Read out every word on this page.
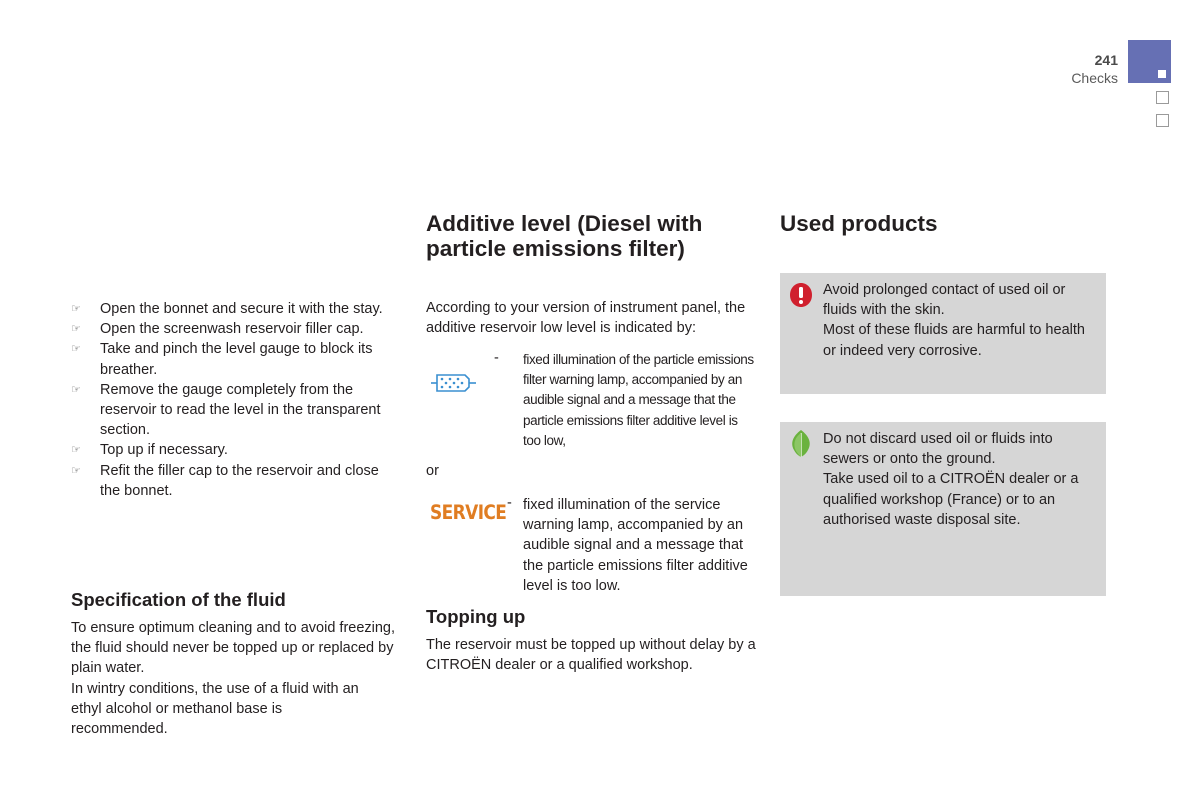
241
Checks
☞ Open the bonnet and secure it with the stay.
☞ Open the screenwash reservoir filler cap.
☞ Take and pinch the level gauge to block its breather.
☞ Remove the gauge completely from the reservoir to read the level in the transparent section.
☞ Top up if necessary.
☞ Refit the filler cap to the reservoir and close the bonnet.
Specification of the fluid
To ensure optimum cleaning and to avoid freezing, the fluid should never be topped up or replaced by plain water.
In wintry conditions, the use of a fluid with an ethyl alcohol or methanol base is recommended.
Additive level (Diesel with particle emissions filter)
According to your version of instrument panel, the additive reservoir low level is indicated by:
- fixed illumination of the particle emissions filter warning lamp, accompanied by an audible signal and a message that the particle emissions filter additive level is too low,
or
SERVICE - fixed illumination of the service warning lamp, accompanied by an audible signal and a message that the particle emissions filter additive level is too low.
Topping up
The reservoir must be topped up without delay by a CITROËN dealer or a qualified workshop.
Used products
Avoid prolonged contact of used oil or fluids with the skin.
Most of these fluids are harmful to health or indeed very corrosive.
Do not discard used oil or fluids into sewers or onto the ground.
Take used oil to a CITROËN dealer or a qualified workshop (France) or to an authorised waste disposal site.
